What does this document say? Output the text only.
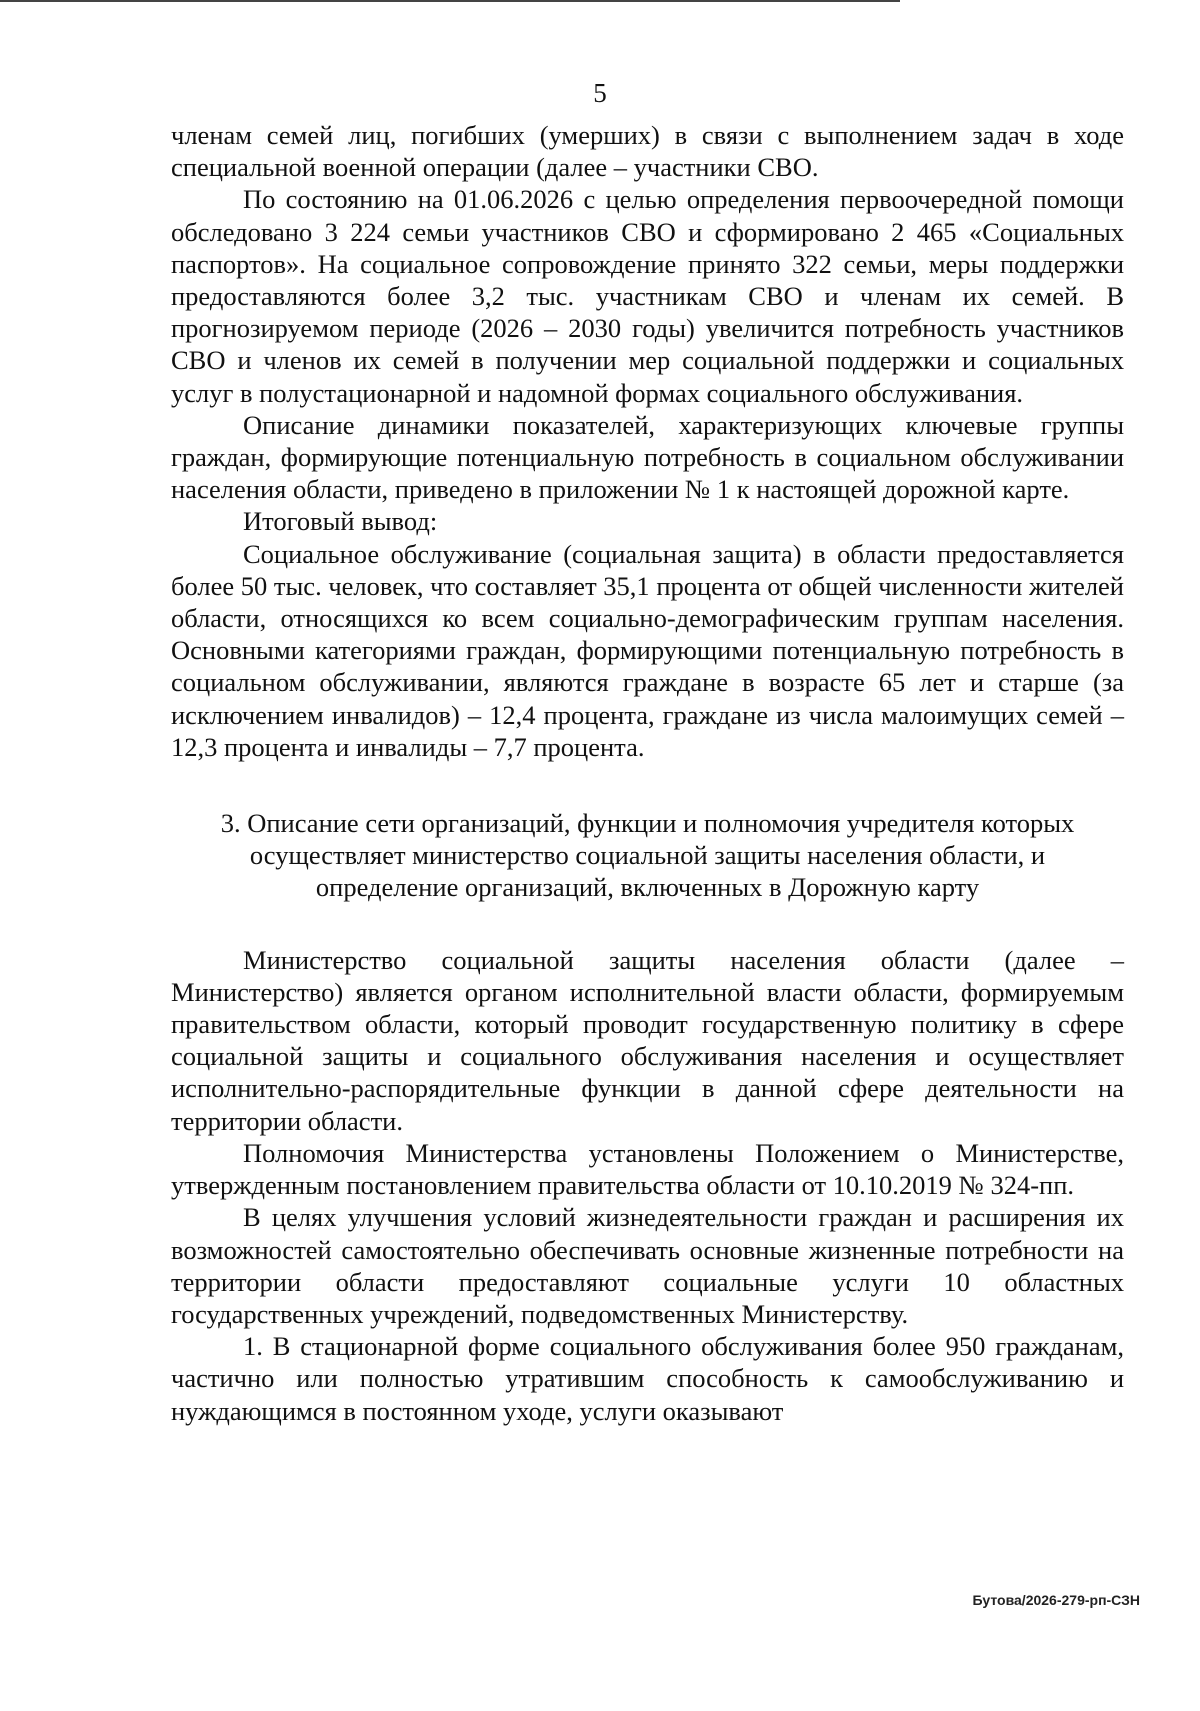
5

членам семей лиц, погибших (умерших) в связи с выполнением задач в ходе специальной военной операции (далее – участники СВО.

По состоянию на 01.06.2026 с целью определения первоочередной помощи обследовано 3 224 семьи участников СВО и сформировано 2 465 «Социальных паспортов». На социальное сопровождение принято 322 семьи, меры поддержки предоставляются более 3,2 тыс. участникам СВО и членам их семей. В прогнозируемом периоде (2026 – 2030 годы) увеличится потребность участников СВО и членов их семей в получении мер социальной поддержки и социальных услуг в полустационарной и надомной формах социального обслуживания.

Описание динамики показателей, характеризующих ключевые группы граждан, формирующие потенциальную потребность в социальном обслуживании населения области, приведено в приложении № 1 к настоящей дорожной карте.

Итоговый вывод:

Социальное обслуживание (социальная защита) в области предоставляется более 50 тыс. человек, что составляет 35,1 процента от общей численности жителей области, относящихся ко всем социально-демографическим группам населения. Основными категориями граждан, формирующими потенциальную потребность в социальном обслуживании, являются граждане в возрасте 65 лет и старше (за исключением инвалидов) – 12,4 процента, граждане из числа малоимущих семей – 12,3 процента и инвалиды – 7,7 процента.

3. Описание сети организаций, функции и полномочия учредителя которых
осуществляет министерство социальной защиты населения области, и
определение организаций, включенных в Дорожную карту

Министерство социальной защиты населения области (далее – Министерство) является органом исполнительной власти области, формируемым правительством области, который проводит государственную политику в сфере социальной защиты и социального обслуживания населения и осуществляет исполнительно-распорядительные функции в данной сфере деятельности на территории области.

Полномочия Министерства установлены Положением о Министерстве, утвержденным постановлением правительства области от 10.10.2019 № 324-пп.

В целях улучшения условий жизнедеятельности граждан и расширения их возможностей самостоятельно обеспечивать основные жизненные потребности на территории области предоставляют социальные услуги 10 областных государственных учреждений, подведомственных Министерству.

1. В стационарной форме социального обслуживания более 950 гражданам, частично или полностью утратившим способность к самообслуживанию и нуждающимся в постоянном уходе, услуги оказывают

Бутова/2026-279-рп-СЗН
